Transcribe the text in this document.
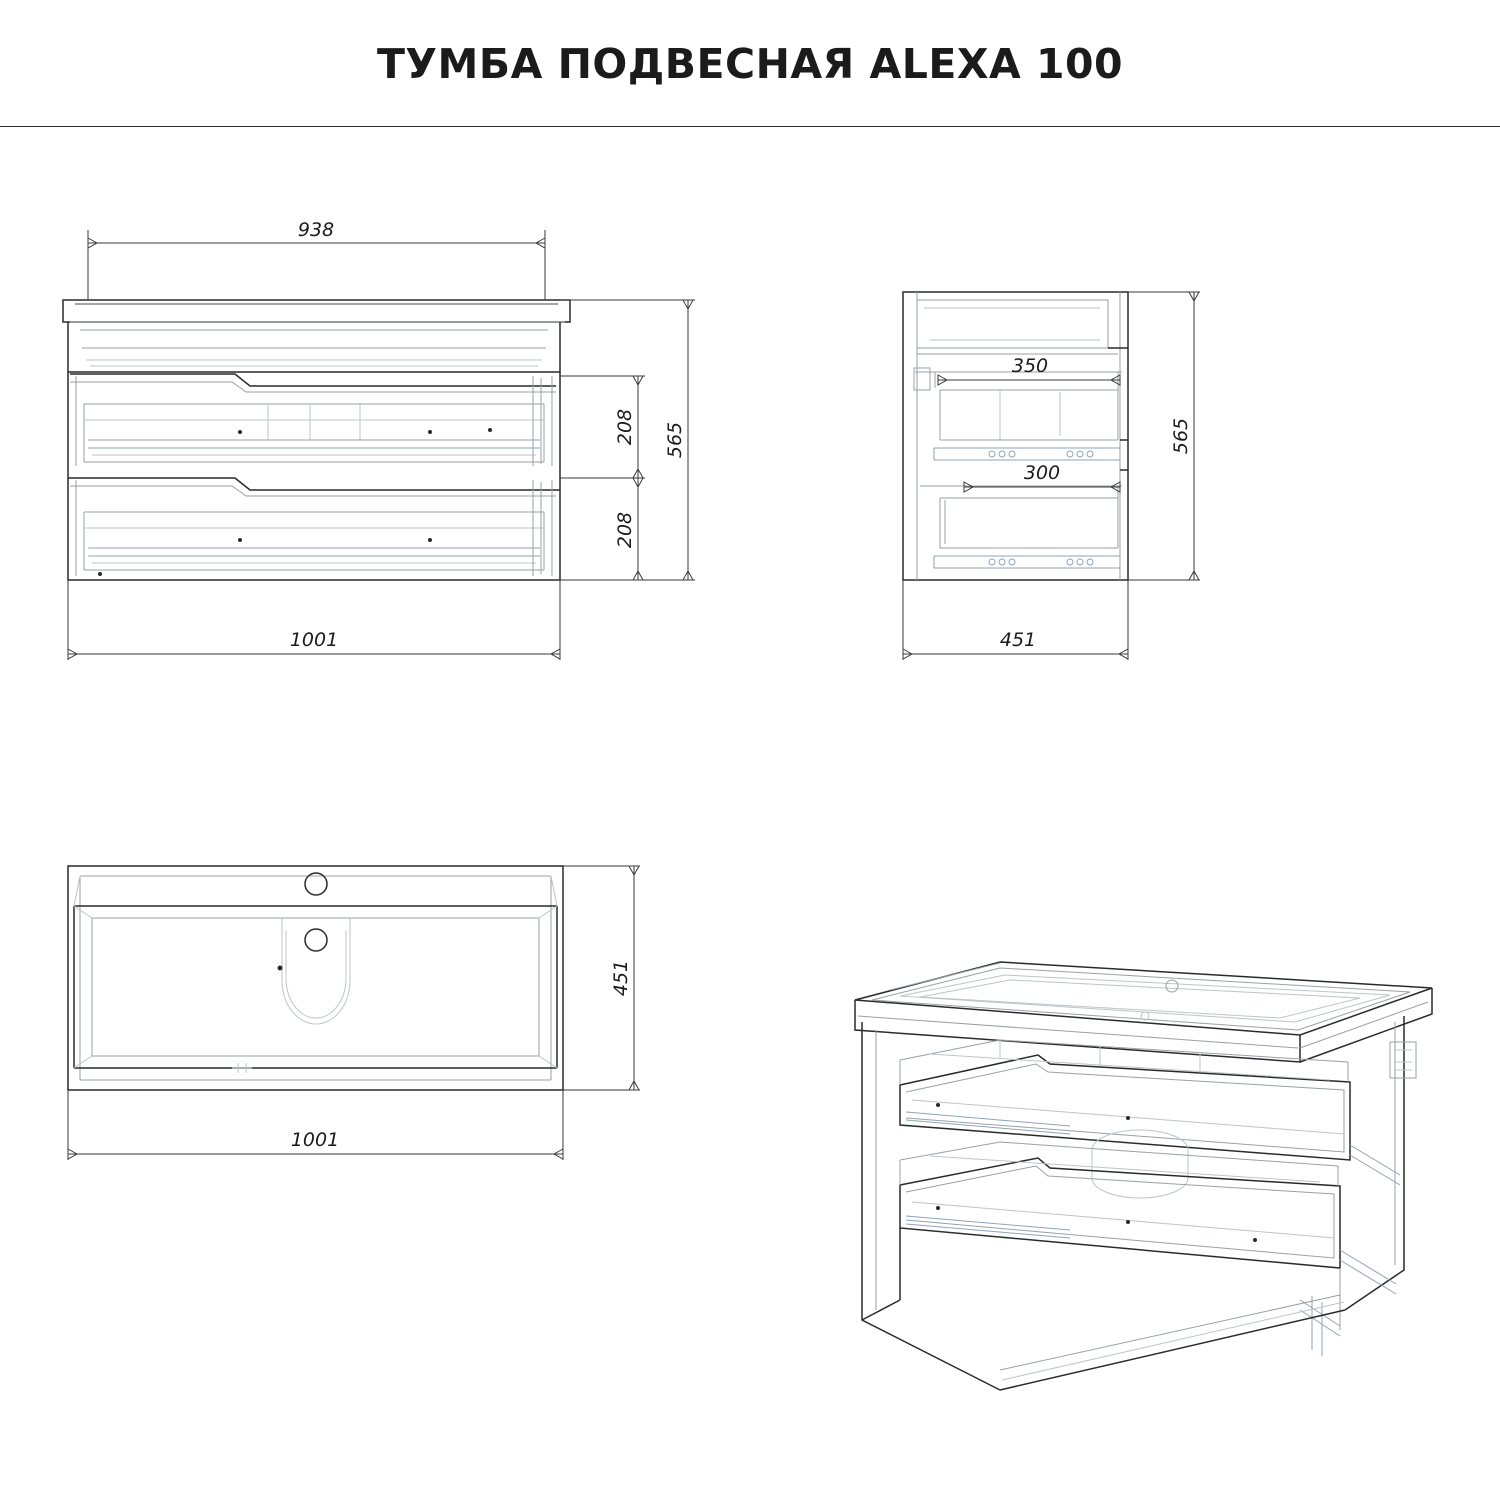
ТУМБА ПОДВЕСНАЯ ALEXA 100
938
1001
565
208
208
350
300
451
565
451
1001
